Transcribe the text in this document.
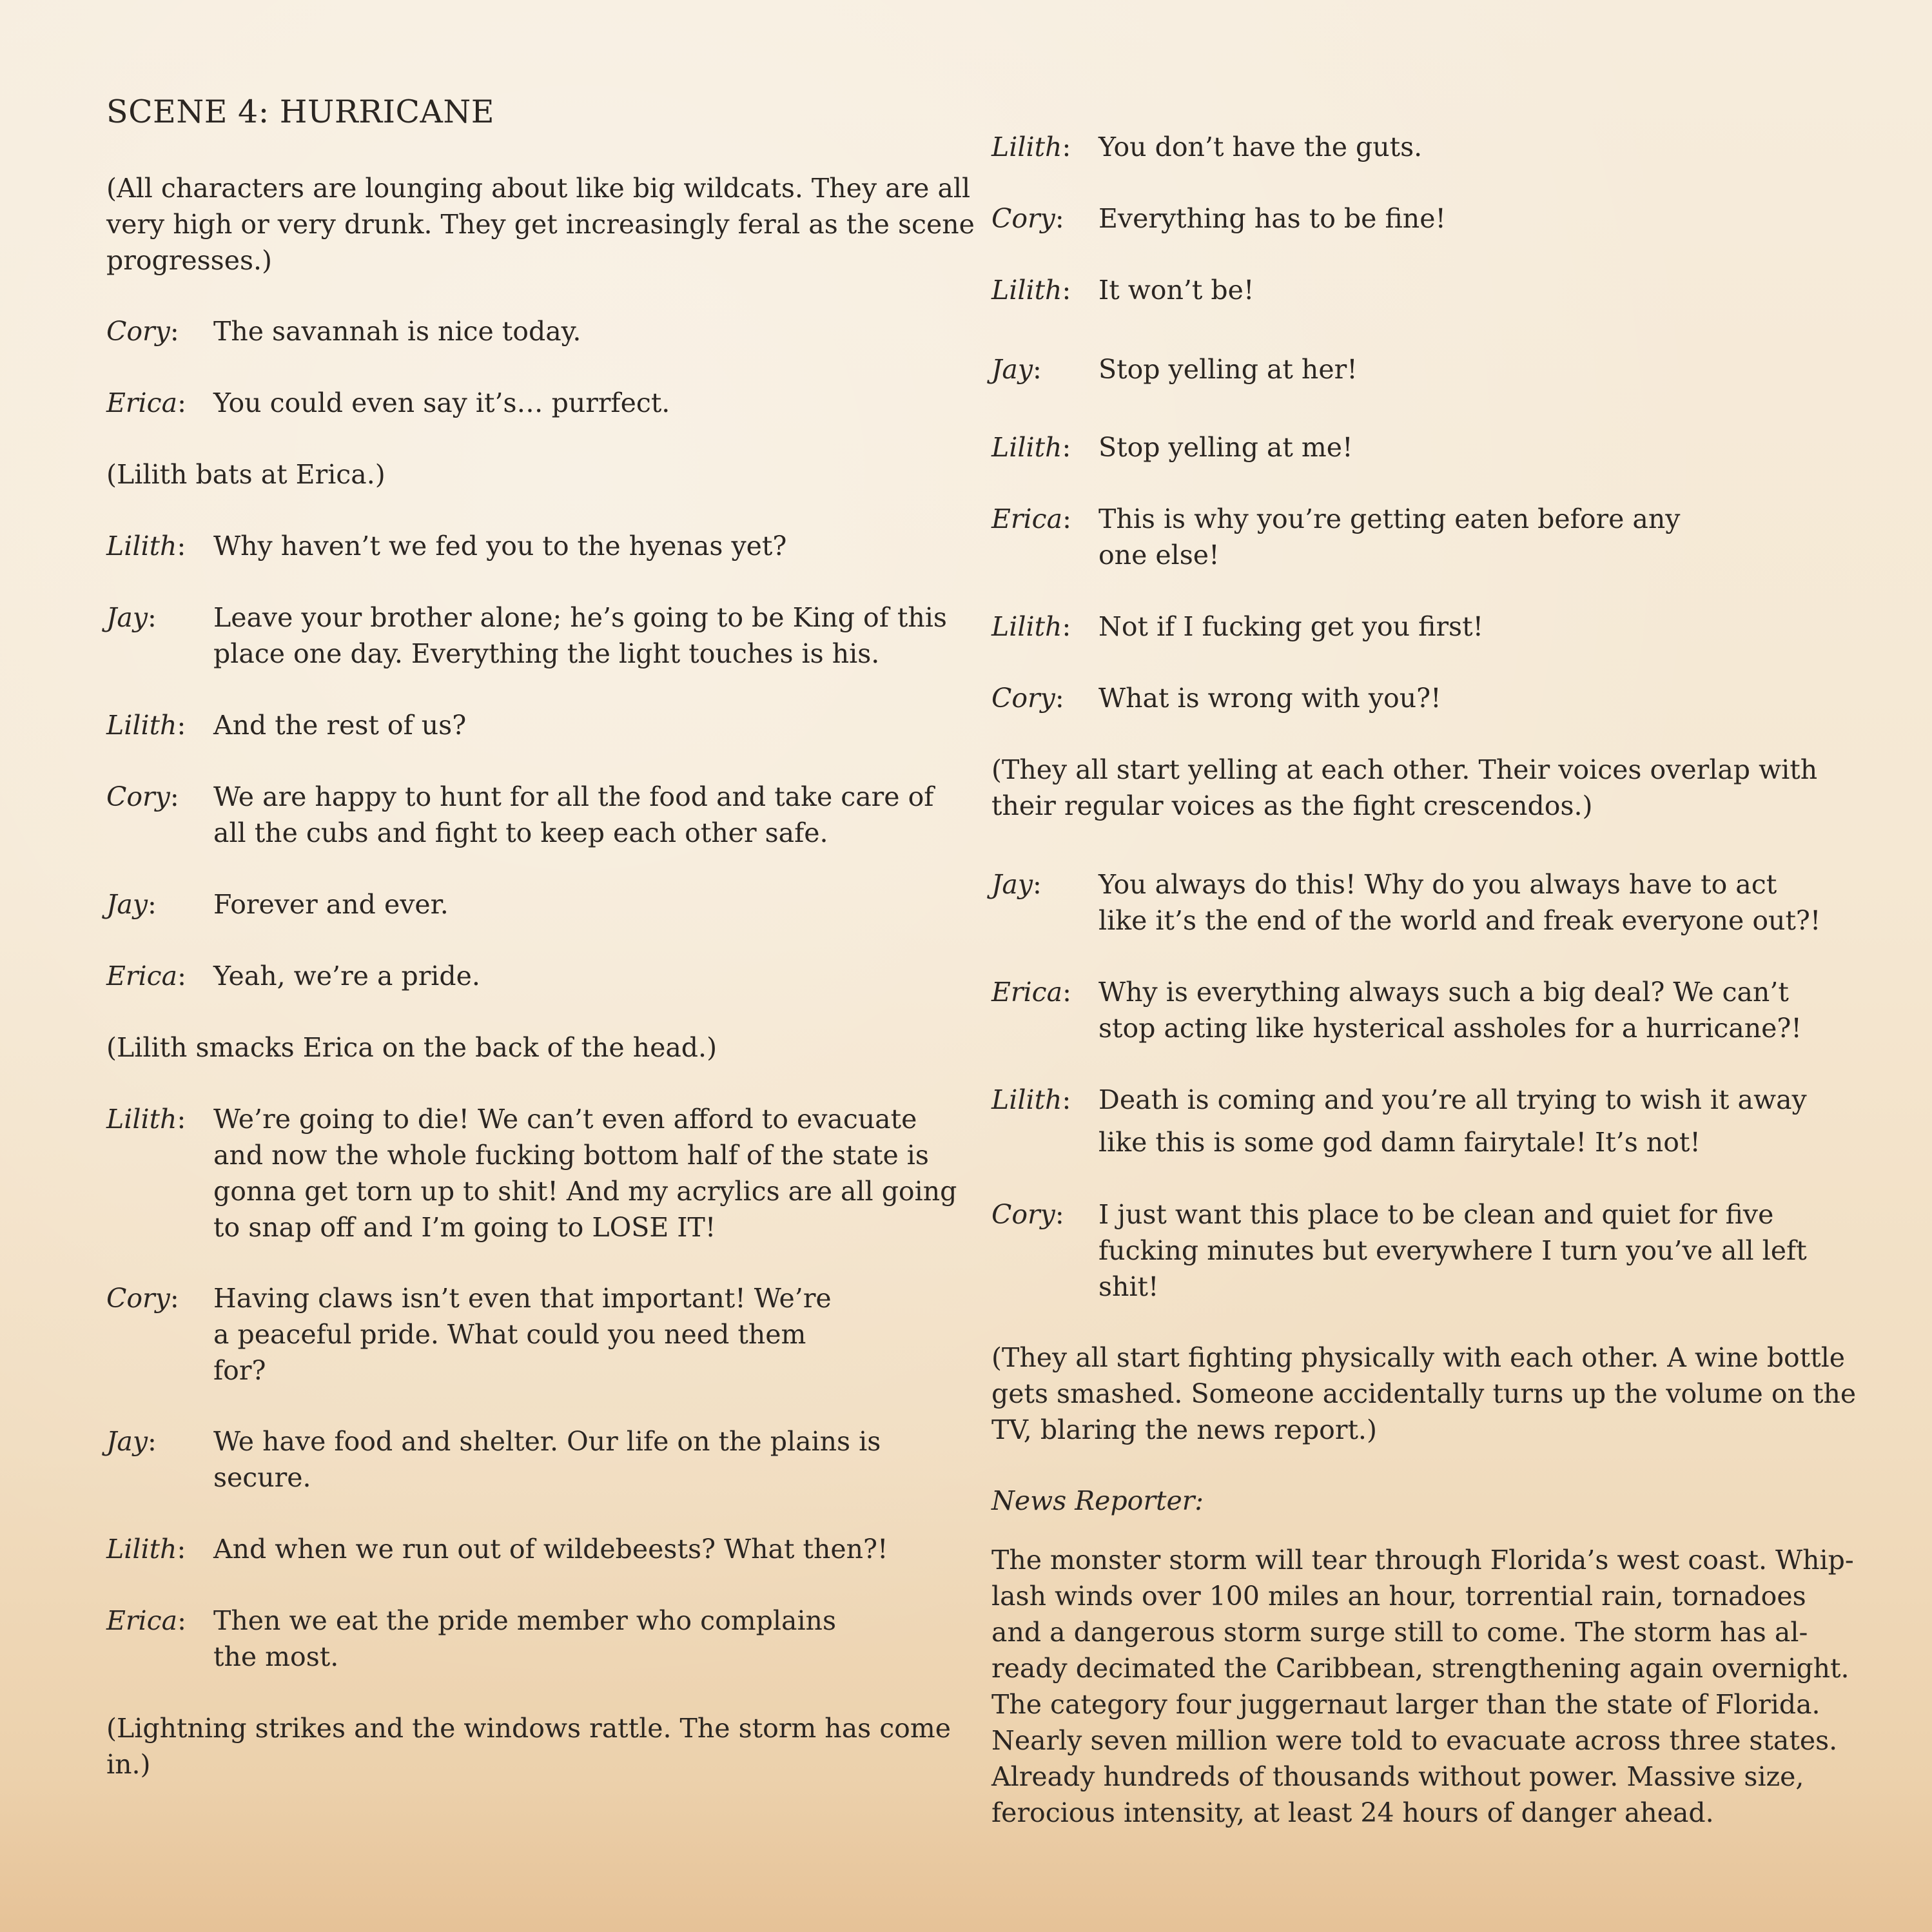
SCENE 4: HURRICANE
(All characters are lounging about like big wildcats. They are all
very high or very drunk. They get increasingly feral as the scene
progresses.)
Cory: The savannah is nice today.
Erica: You could even say it’s… purrfect.
(Lilith bats at Erica.)
Lilith: Why haven’t we fed you to the hyenas yet?
Jay: Leave your brother alone; he’s going to be King of this
place one day. Everything the light touches is his.
Lilith: And the rest of us?
Cory: We are happy to hunt for all the food and take care of
all the cubs and fight to keep each other safe.
Jay: Forever and ever.
Erica: Yeah, we’re a pride.
(Lilith smacks Erica on the back of the head.)
Lilith: We’re going to die! We can’t even afford to evacuate
and now the whole fucking bottom half of the state is
gonna get torn up to shit! And my acrylics are all going
to snap off and I’m going to LOSE IT!
Cory: Having claws isn’t even that important! We’re
a peaceful pride. What could you need them
for?
Jay: We have food and shelter. Our life on the plains is
secure.
Lilith: And when we run out of wildebeests? What then?!
Erica: Then we eat the pride member who complains
the most.
(Lightning strikes and the windows rattle. The storm has come
in.)
Lilith: You don’t have the guts.
Cory: Everything has to be fine!
Lilith: It won’t be!
Jay: Stop yelling at her!
Lilith: Stop yelling at me!
Erica: This is why you’re getting eaten before any
one else!
Lilith: Not if I fucking get you first!
Cory: What is wrong with you?!
(They all start yelling at each other. Their voices overlap with
their regular voices as the fight crescendos.)
Jay: You always do this! Why do you always have to act
like it’s the end of the world and freak everyone out?!
Erica: Why is everything always such a big deal? We can’t
stop acting like hysterical assholes for a hurricane?!
Lilith: Death is coming and you’re all trying to wish it away
like this is some god damn fairytale! It’s not!
Cory: I just want this place to be clean and quiet for five
fucking minutes but everywhere I turn you’ve all left
shit!
(They all start fighting physically with each other. A wine bottle
gets smashed. Someone accidentally turns up the volume on the
TV, blaring the news report.)
News Reporter:
The monster storm will tear through Florida’s west coast. Whip-
lash winds over 100 miles an hour, torrential rain, tornadoes
and a dangerous storm surge still to come. The storm has al-
ready decimated the Caribbean, strengthening again overnight.
The category four juggernaut larger than the state of Florida.
Nearly seven million were told to evacuate across three states.
Already hundreds of thousands without power. Massive size,
ferocious intensity, at least 24 hours of danger ahead.
